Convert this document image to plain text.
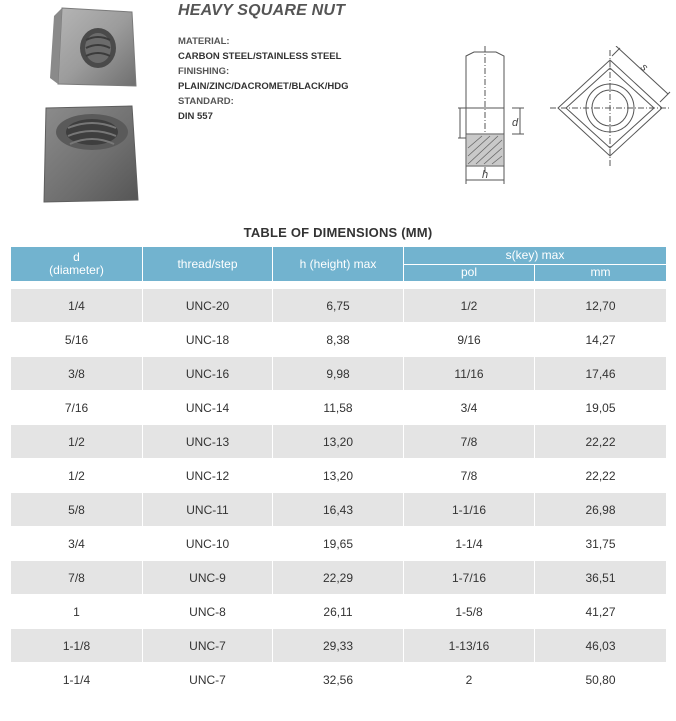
HEAVY SQUARE NUT
MATERIAL:
CARBON STEEL/STAINLESS STEEL
FINISHING:
PLAIN/ZINC/DACROMET/BLACK/HDG
STANDARD:
DIN 557
d
h
s
TABLE OF DIMENSIONS (MM)
d
(diameter)	thread/step	h (height) max	s(key) max	
			pol	mm

1/4	UNC-20	6,75	1/2	12,70
5/16	UNC-18	8,38	9/16	14,27
3/8	UNC-16	9,98	11/16	17,46
7/16	UNC-14	11,58	3/4	19,05
1/2	UNC-13	13,20	7/8	22,22
1/2	UNC-12	13,20	7/8	22,22
5/8	UNC-11	16,43	1-1/16	26,98
3/4	UNC-10	19,65	1-1/4	31,75
7/8	UNC-9	22,29	1-7/16	36,51
1	UNC-8	26,11	1-5/8	41,27
1-1/8	UNC-7	29,33	1-13/16	46,03
1-1/4	UNC-7	32,56	2	50,80
